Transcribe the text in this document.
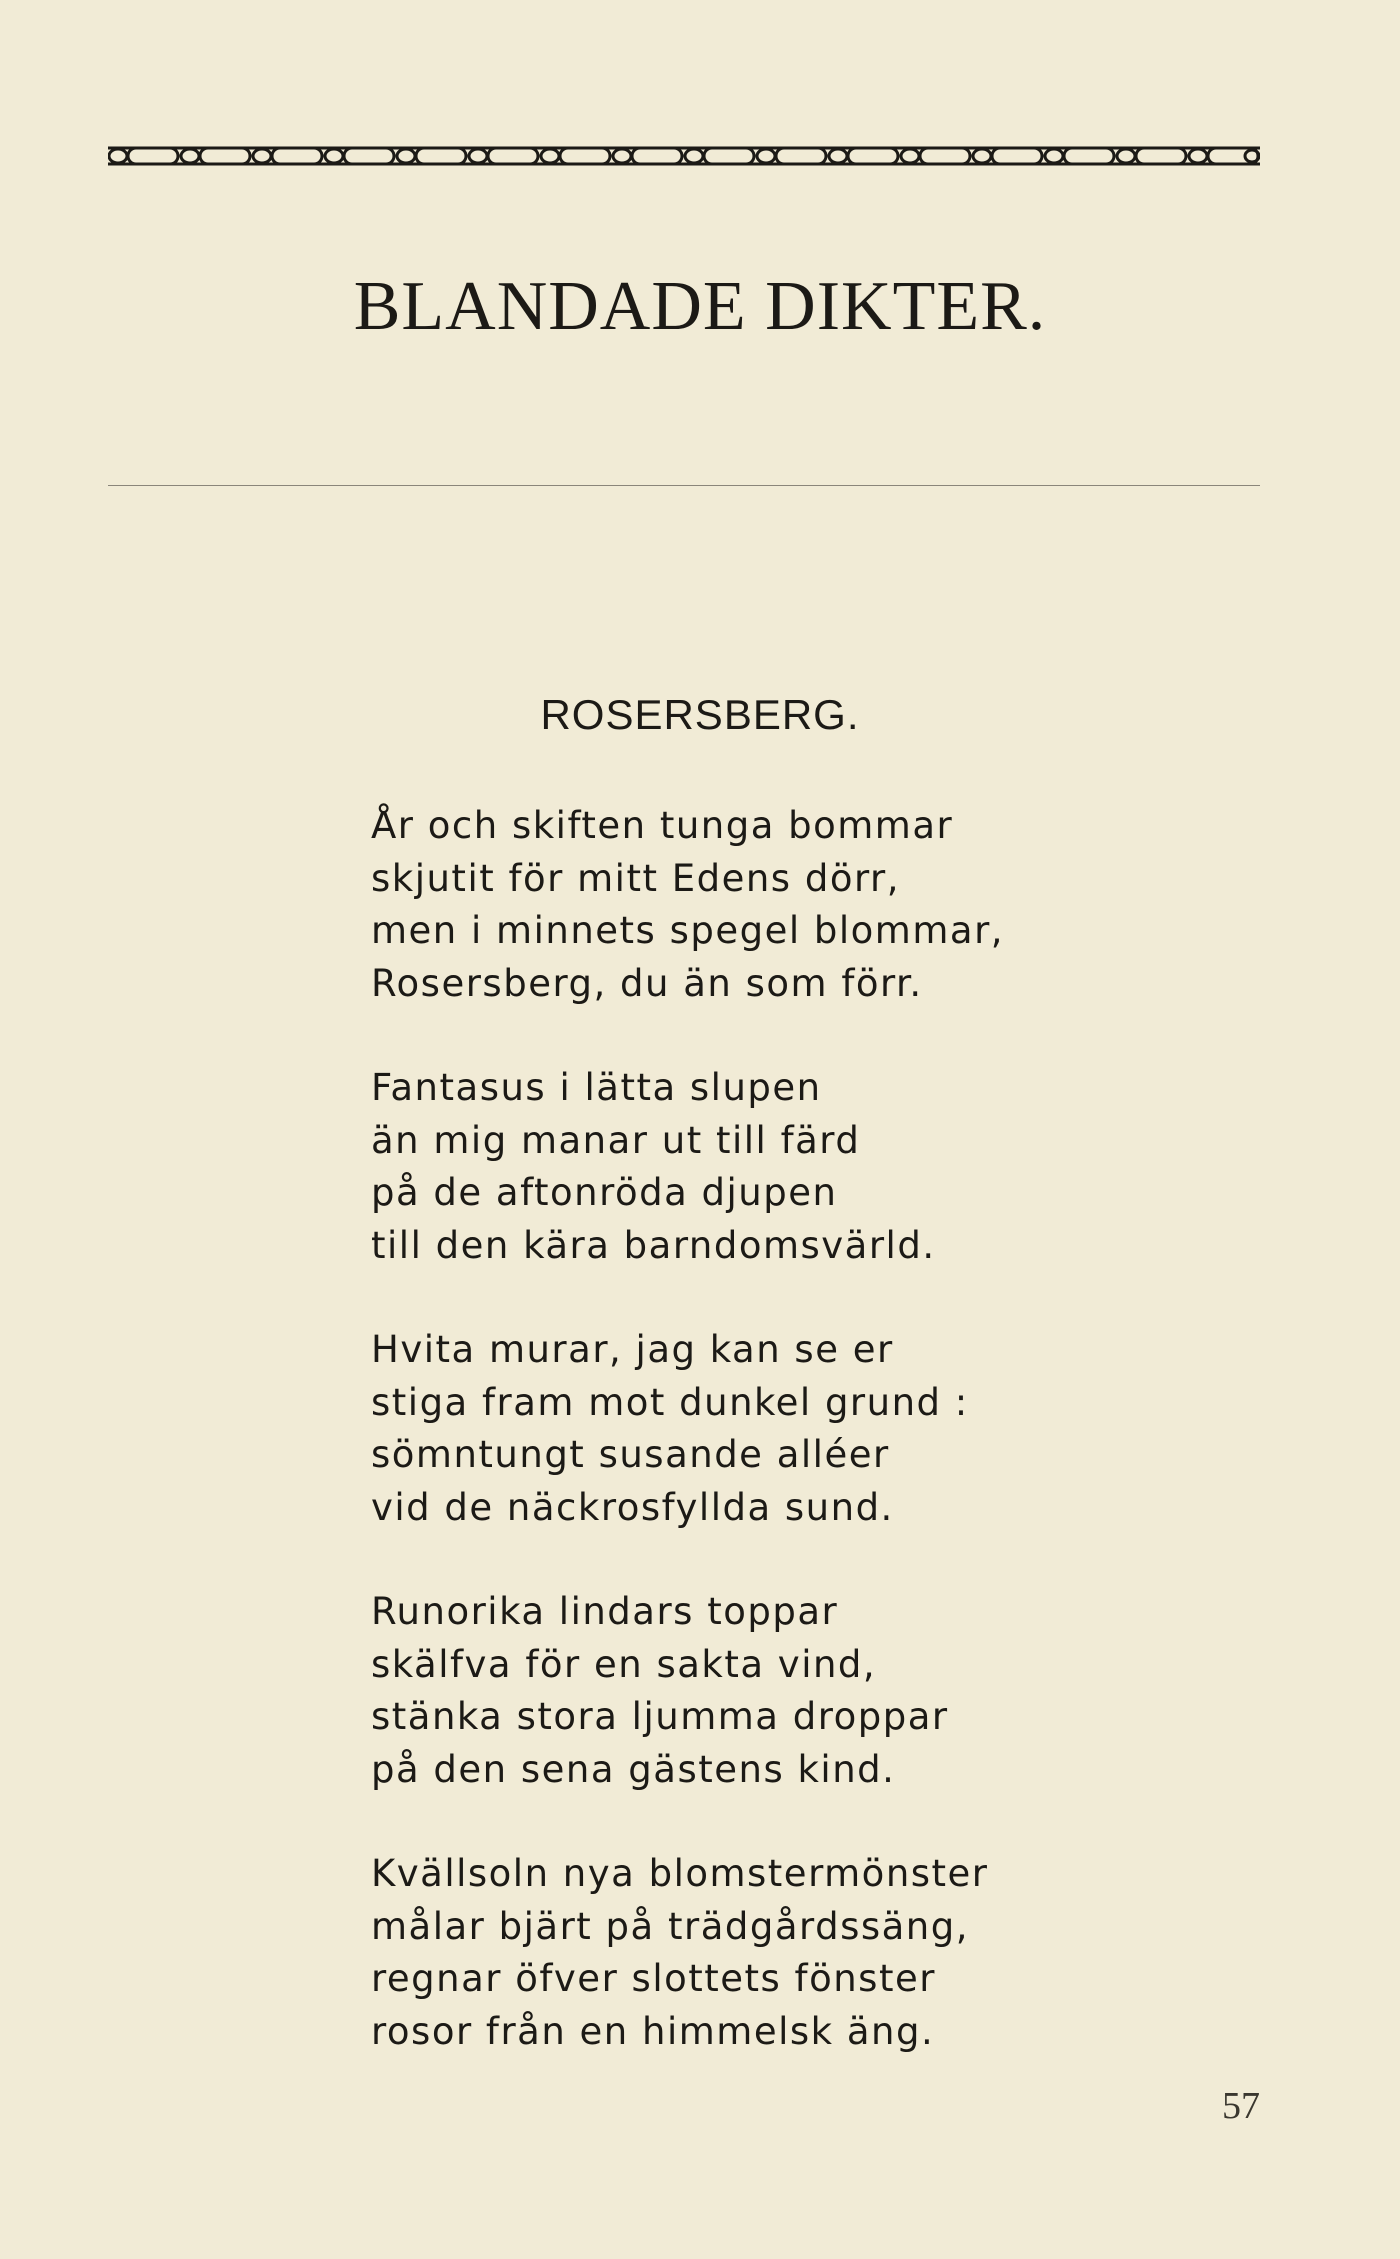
BLANDADE DIKTER.
ROSERSBERG.
År och skiften tunga bommar
skjutit för mitt Edens dörr,
men i minnets spegel blommar,
Rosersberg, du än som förr.
Fantasus i lätta slupen
än mig manar ut till färd
på de aftonröda djupen
till den kära barndomsvärld.
Hvita murar, jag kan se er
stiga fram mot dunkel grund :
sömntungt susande alléer
vid de näckrosfyllda sund.
Runorika lindars toppar
skälfva för en sakta vind,
stänka stora ljumma droppar
på den sena gästens kind.
Kvällsoln nya blomstermönster
målar bjärt på trädgårdssäng,
regnar öfver slottets fönster
rosor från en himmelsk äng.
57
